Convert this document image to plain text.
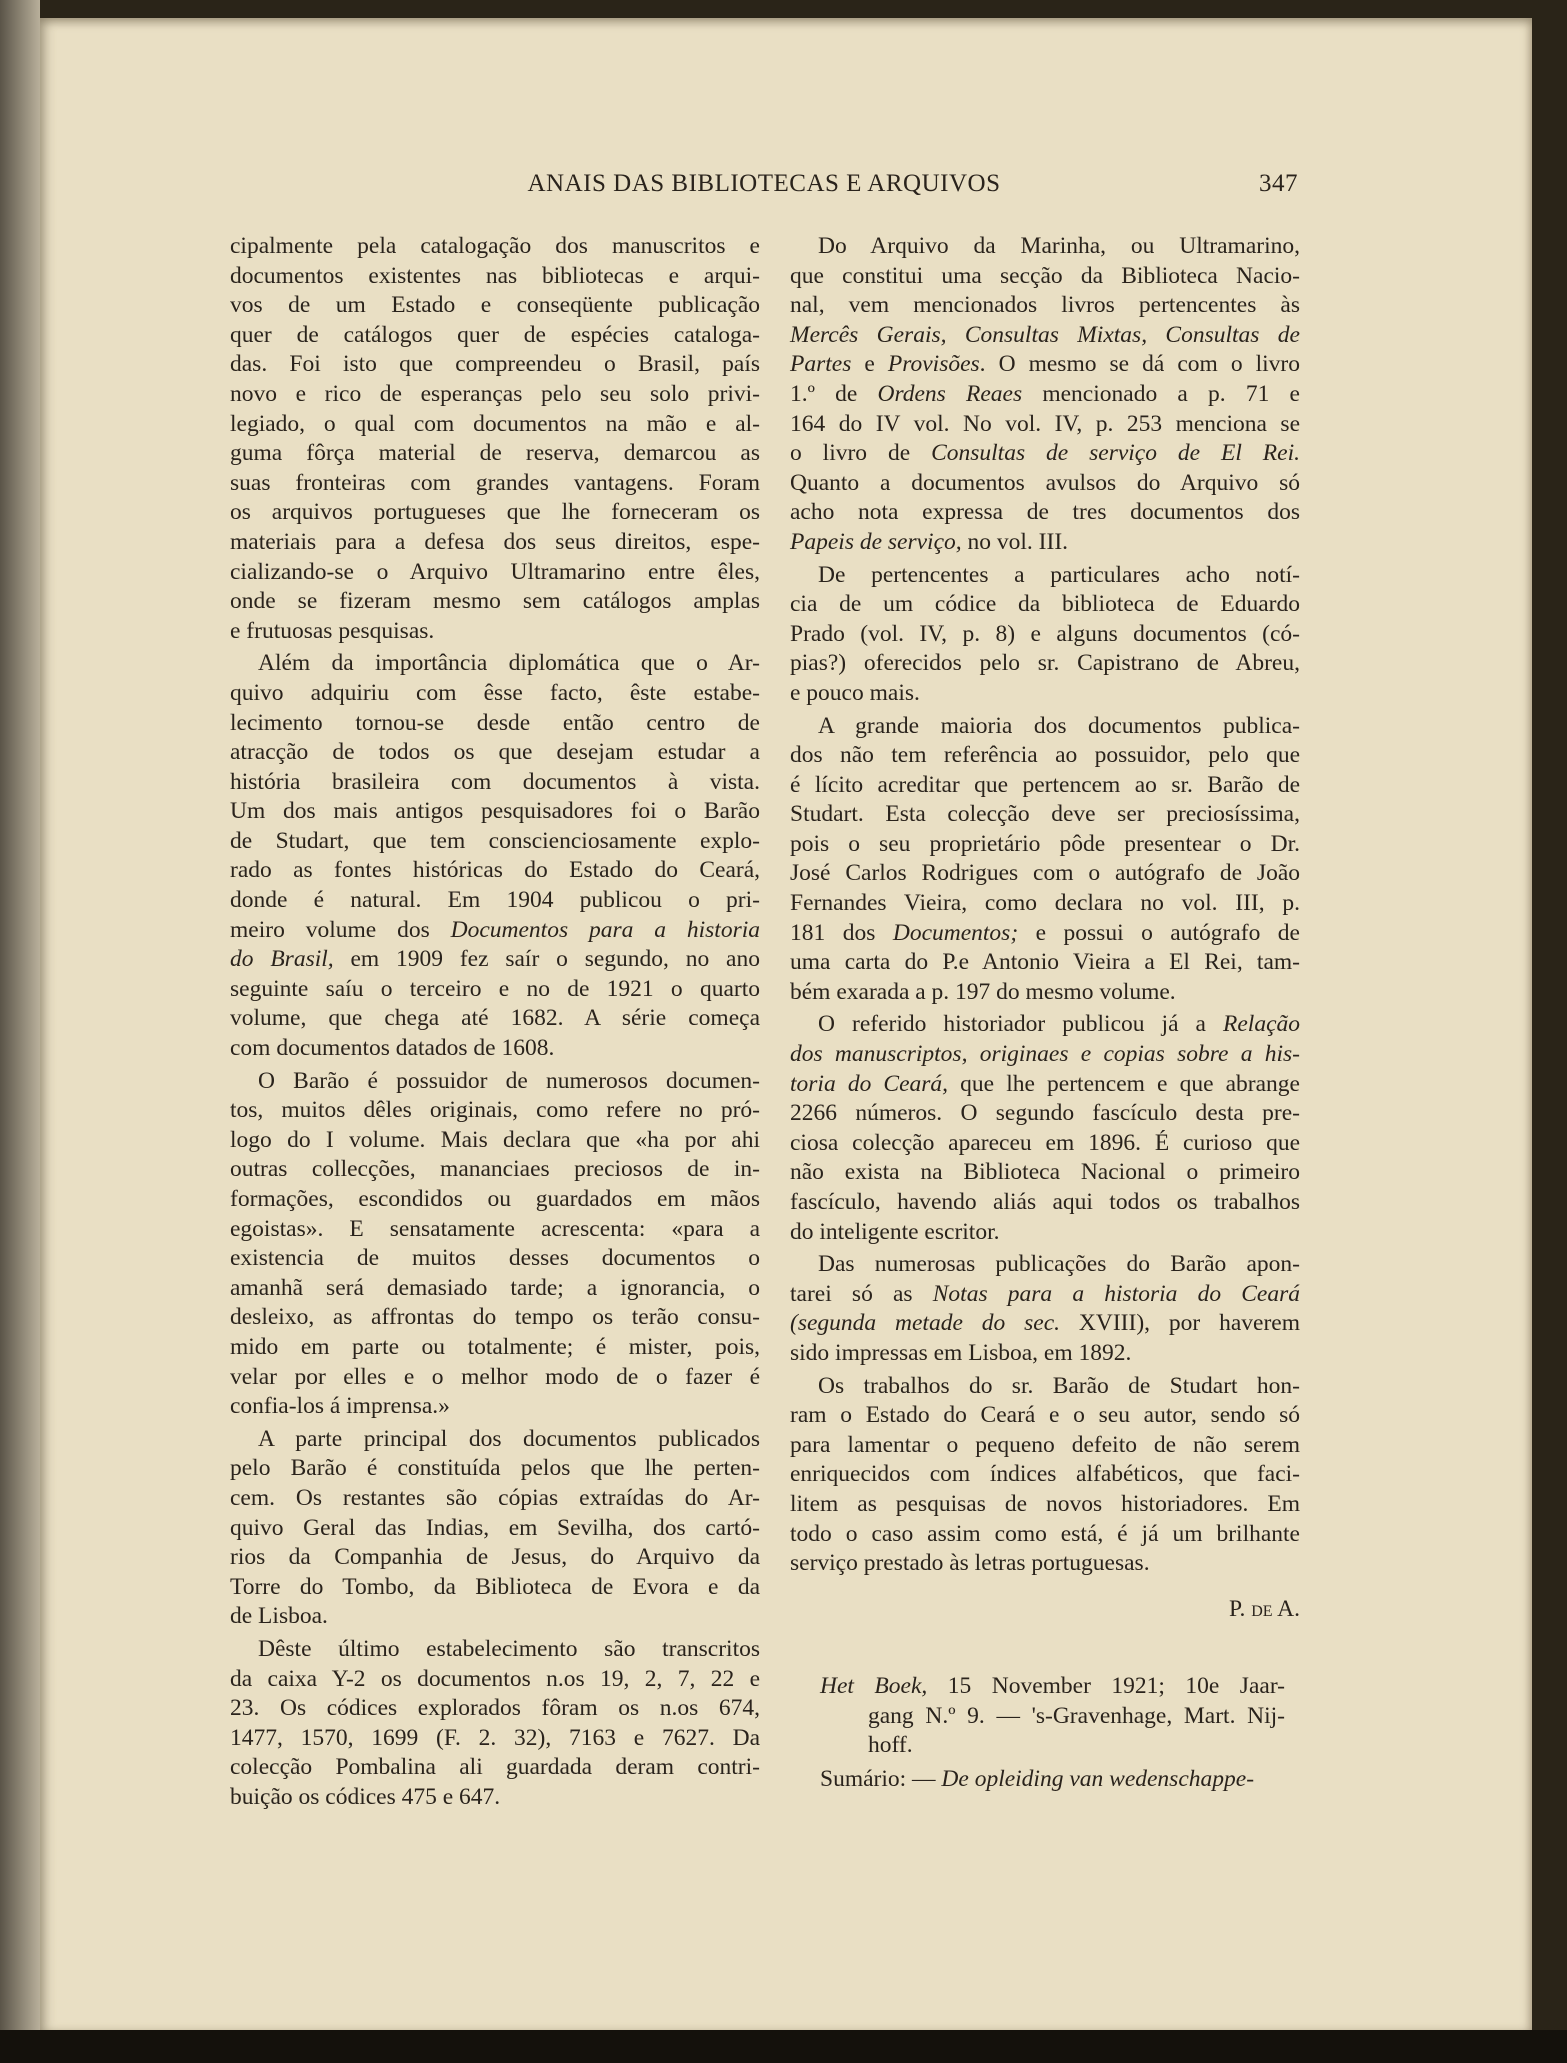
ANAIS DAS BIBLIOTECAS E ARQUIVOS	347
cipalmente pela catalogação dos manuscritos e
documentos existentes nas bibliotecas e arqui-
vos de um Estado e conseqüente publicação
quer de catálogos quer de espécies cataloga-
das. Foi isto que compreendeu o Brasil, país
novo e rico de esperanças pelo seu solo privi-
legiado, o qual com documentos na mão e al-
guma fôrça material de reserva, demarcou as
suas fronteiras com grandes vantagens. Foram
os arquivos portugueses que lhe forneceram os
materiais para a defesa dos seus direitos, espe-
cializando-se o Arquivo Ultramarino entre êles,
onde se fizeram mesmo sem catálogos amplas
e frutuosas pesquisas.
Além da importância diplomática que o Ar-
quivo adquiriu com êsse facto, êste estabe-
lecimento tornou-se desde então centro de
atracção de todos os que desejam estudar a
história brasileira com documentos à vista.
Um dos mais antigos pesquisadores foi o Barão
de Studart, que tem conscienciosamente explo-
rado as fontes históricas do Estado do Ceará,
donde é natural. Em 1904 publicou o pri-
meiro volume dos Documentos para a historia
do Brasil, em 1909 fez saír o segundo, no ano
seguinte saíu o terceiro e no de 1921 o quarto
volume, que chega até 1682. A série começa
com documentos datados de 1608.
O Barão é possuidor de numerosos documen-
tos, muitos dêles originais, como refere no pró-
logo do I volume. Mais declara que «ha por ahi
outras collecções, mananciaes preciosos de in-
formações, escondidos ou guardados em mãos
egoistas». E sensatamente acrescenta: «para a
existencia de muitos desses documentos o
amanhã será demasiado tarde; a ignorancia, o
desleixo, as affrontas do tempo os terão consu-
mido em parte ou totalmente; é mister, pois,
velar por elles e o melhor modo de o fazer é
confia-los á imprensa.»
A parte principal dos documentos publicados
pelo Barão é constituída pelos que lhe perten-
cem. Os restantes são cópias extraídas do Ar-
quivo Geral das Indias, em Sevilha, dos cartó-
rios da Companhia de Jesus, do Arquivo da
Torre do Tombo, da Biblioteca de Evora e da
de Lisboa.
Dêste último estabelecimento são transcritos
da caixa Y-2 os documentos n.os 19, 2, 7, 22 e
23. Os códices explorados fôram os n.os 674,
1477, 1570, 1699 (F. 2. 32), 7163 e 7627. Da
colecção Pombalina ali guardada deram contri-
buição os códices 475 e 647.
Do Arquivo da Marinha, ou Ultramarino,
que constitui uma secção da Biblioteca Nacio-
nal, vem mencionados livros pertencentes às
Mercês Gerais, Consultas Mixtas, Consultas de
Partes e Provisões. O mesmo se dá com o livro
1.º de Ordens Reaes mencionado a p. 71 e
164 do IV vol. No vol. IV, p. 253 menciona se
o livro de Consultas de serviço de El Rei.
Quanto a documentos avulsos do Arquivo só
acho nota expressa de tres documentos dos
Papeis de serviço, no vol. III.
De pertencentes a particulares acho notí-
cia de um códice da biblioteca de Eduardo
Prado (vol. IV, p. 8) e alguns documentos (có-
pias?) oferecidos pelo sr. Capistrano de Abreu,
e pouco mais.
A grande maioria dos documentos publica-
dos não tem referência ao possuidor, pelo que
é lícito acreditar que pertencem ao sr. Barão de
Studart. Esta colecção deve ser preciosíssima,
pois o seu proprietário pôde presentear o Dr.
José Carlos Rodrigues com o autógrafo de João
Fernandes Vieira, como declara no vol. III, p.
181 dos Documentos; e possui o autógrafo de
uma carta do P.e Antonio Vieira a El Rei, tam-
bém exarada a p. 197 do mesmo volume.
O referido historiador publicou já a Relação
dos manuscriptos, originaes e copias sobre a his-
toria do Ceará, que lhe pertencem e que abrange
2266 números. O segundo fascículo desta pre-
ciosa colecção apareceu em 1896. É curioso que
não exista na Biblioteca Nacional o primeiro
fascículo, havendo aliás aqui todos os trabalhos
do inteligente escritor.
Das numerosas publicações do Barão apon-
tarei só as Notas para a historia do Ceará
(segunda metade do sec. XVIII), por haverem
sido impressas em Lisboa, em 1892.
Os trabalhos do sr. Barão de Studart hon-
ram o Estado do Ceará e o seu autor, sendo só
para lamentar o pequeno defeito de não serem
enriquecidos com índices alfabéticos, que faci-
litem as pesquisas de novos historiadores. Em
todo o caso assim como está, é já um brilhante
serviço prestado às letras portuguesas.
P. DE A.
Het Boek, 15 November 1921; 10e Jaar-
gang N.º 9. — 's-Gravenhage, Mart. Nij-
hoff.
Sumário: — De opleiding van wedenschappe-
